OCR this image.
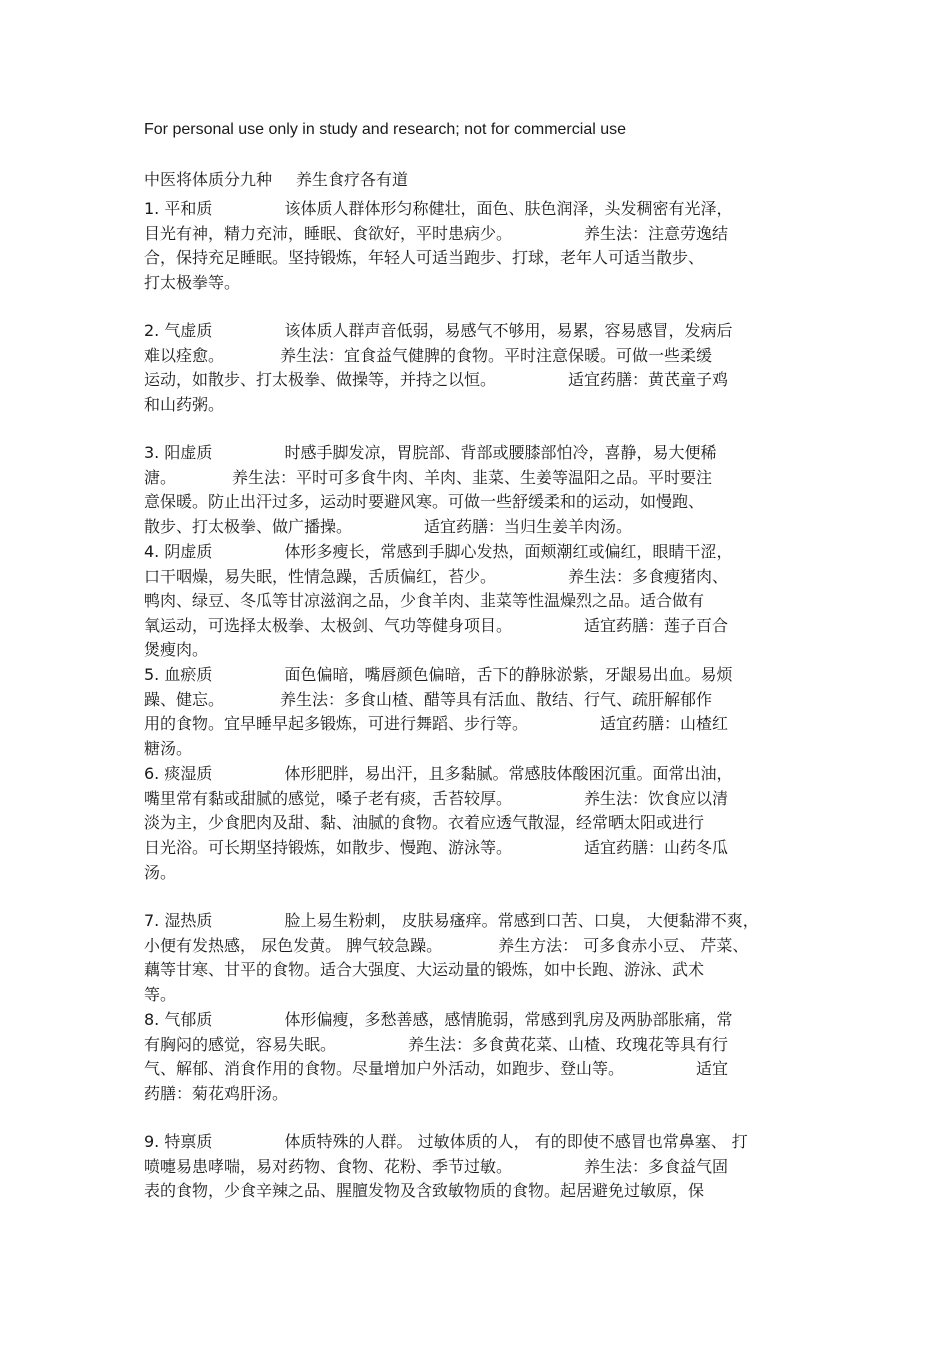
For personal use only in study and research; not for commercial use
中医将体质分九种 养生食疗各有道
1. 平和质	该体质人群体形匀称健壮，面色、肤色润泽，头发稠密有光泽，
目光有神，精力充沛，睡眠、食欲好，平时患病少。　　　　　养生法：注意劳逸结
合，保持充足睡眠。坚持锻炼，年轻人可适当跑步、打球，老年人可适当散步、
打太极拳等。
2. 气虚质	该体质人群声音低弱，易感气不够用，易累，容易感冒，发病后
难以痊愈。　　　　养生法：宜食益气健脾的食物。平时注意保暖。可做一些柔缓
运动，如散步、打太极拳、做操等，并持之以恒。　　　　　适宜药膳：黄芪童子鸡
和山药粥。
3. 阳虚质	时感手脚发凉，胃脘部、背部或腰膝部怕冷，喜静，易大便稀
溏。　　　　养生法：平时可多食牛肉、羊肉、韭菜、生姜等温阳之品。平时要注
意保暖。防止出汗过多，运动时要避风寒。可做一些舒缓柔和的运动，如慢跑、
散步、打太极拳、做广播操。　　　　　适宜药膳：当归生姜羊肉汤。
4. 阴虚质	体形多瘦长，常感到手脚心发热，面颊潮红或偏红，眼睛干涩，
口干咽燥，易失眠，性情急躁，舌质偏红，苔少。　　　　　养生法：多食瘦猪肉、
鸭肉、绿豆、冬瓜等甘凉滋润之品，少食羊肉、韭菜等性温燥烈之品。适合做有
氧运动，可选择太极拳、太极剑、气功等健身项目。　　　　　适宜药膳：莲子百合
煲瘦肉。
5. 血瘀质	面色偏暗，嘴唇颜色偏暗，舌下的静脉淤紫，牙龈易出血。易烦
躁、健忘。　　　　养生法：多食山楂、醋等具有活血、散结、行气、疏肝解郁作
用的食物。宜早睡早起多锻炼，可进行舞蹈、步行等。　　　　　适宜药膳：山楂红
糖汤。
6. 痰湿质	体形肥胖，易出汗，且多黏腻。常感肢体酸困沉重。面常出油，
嘴里常有黏或甜腻的感觉，嗓子老有痰，舌苔较厚。　　　　　养生法：饮食应以清
淡为主，少食肥肉及甜、黏、油腻的食物。衣着应透气散湿，经常晒太阳或进行
日光浴。可长期坚持锻炼，如散步、慢跑、游泳等。　　　　　适宜药膳：山药冬瓜
汤。
7. 湿热质	脸上易生粉刺， 皮肤易瘙痒。常感到口苦、口臭， 大便黏滞不爽，
小便有发热感， 尿色发黄。 脾气较急躁。　　　　养生方法： 可多食赤小豆、 芹菜、
藕等甘寒、甘平的食物。适合大强度、大运动量的锻炼，如中长跑、游泳、武术
等。
8. 气郁质	体形偏瘦，多愁善感，感情脆弱，常感到乳房及两胁部胀痛，常
有胸闷的感觉，容易失眠。　　　　　养生法：多食黄花菜、山楂、玫瑰花等具有行
气、解郁、消食作用的食物。尽量增加户外活动，如跑步、登山等。　　　　　适宜
药膳：菊花鸡肝汤。
9. 特禀质	体质特殊的人群。 过敏体质的人， 有的即使不感冒也常鼻塞、 打
喷嚏易患哮喘，易对药物、食物、花粉、季节过敏。　　　　　养生法：多食益气固
表的食物，少食辛辣之品、腥膻发物及含致敏物质的食物。起居避免过敏原，保
